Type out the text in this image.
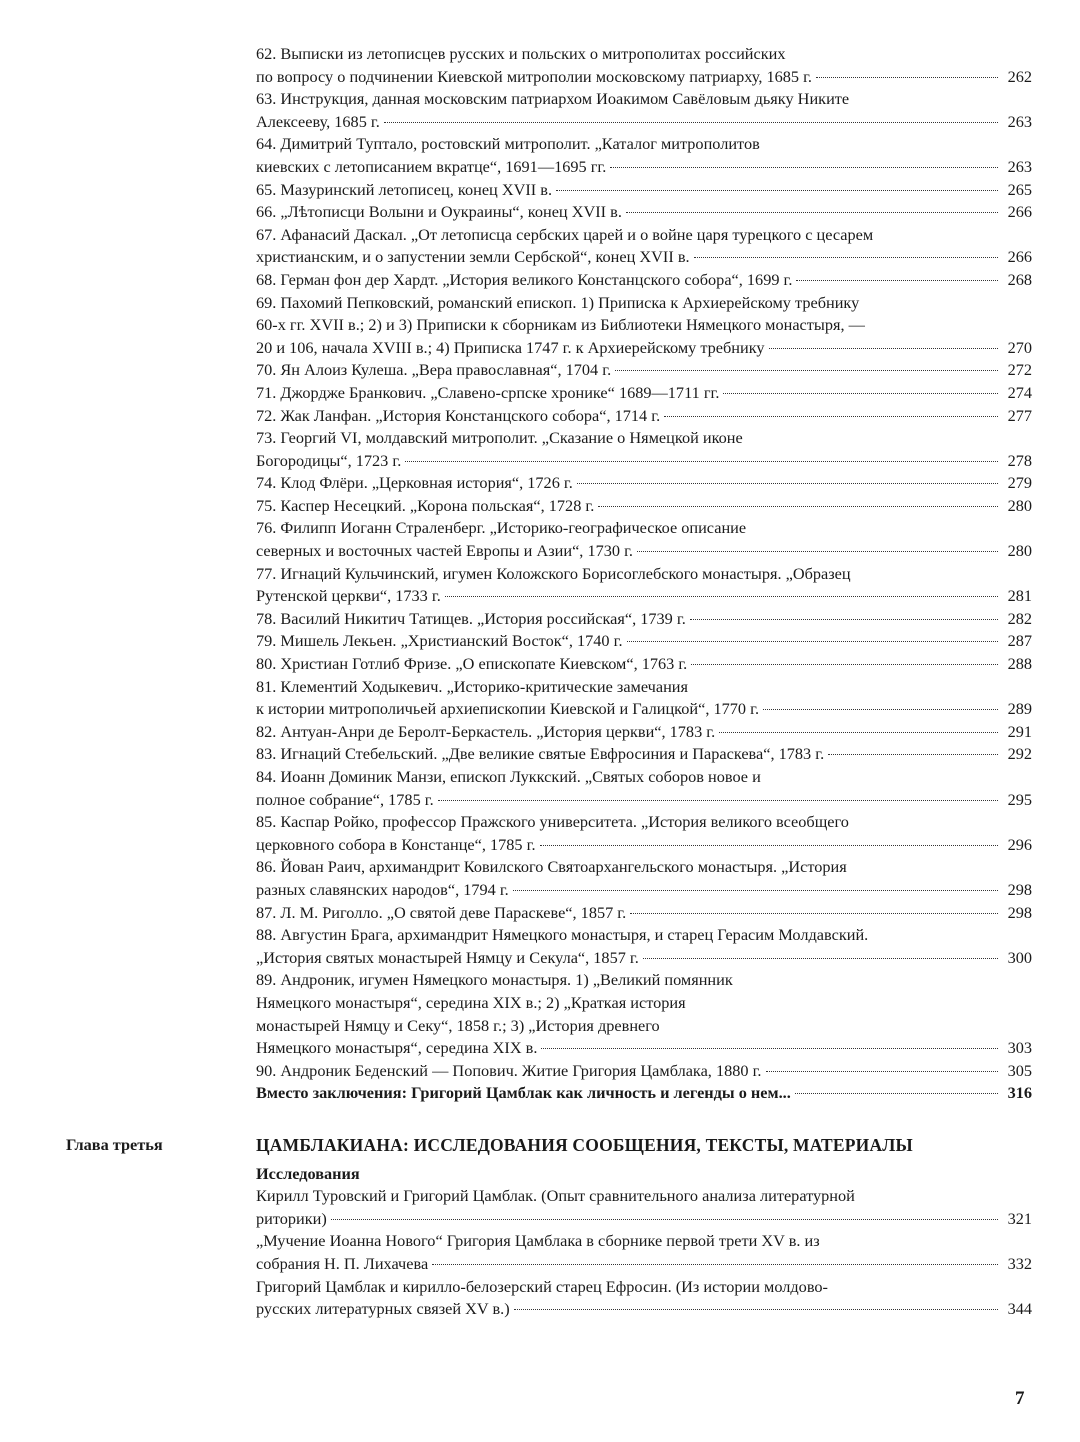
62. Выписки из летописцев русских и польских о митрополитах российских
по вопросу о подчинении Киевской митрополии московскому патриарху, 1685 г.	262
63. Инструкция, данная московским патриархом Иоакимом Савёловым дьяку Никите
Алексееву, 1685 г.	263
64. Димитрий Туптало, ростовский митрополит. „Каталог митрополитов
киевских с летописанием вкратце“, 1691—1695 гг.	263
65. Мазуринский летописец, конец XVII в.	265
66. „Лѣтописци Волыни и Оукраины“, конец XVII в.	266
67. Афанасий Даскал. „От летописца сербских царей и о войне царя турецкого с цесарем
христианским, и о запустении земли Сербской“, конец XVII в.	266
68. Герман фон дер Хардт. „История великого Констанцского собора“, 1699 г.	268
69. Пахомий Пепковский, романский епископ. 1) Приписка к Архиерейскому требнику
60-х гг. XVII в.; 2) и 3) Приписки к сборникам из Библиотеки Нямецкого монастыря, —
20 и 106, начала XVIII в.; 4) Приписка 1747 г. к Архиерейскому требнику	270
70. Ян Алоиз Кулеша. „Вера православная“, 1704 г.	272
71. Джордже Бранкович. „Славено-српске хронике“ 1689—1711 гг.	274
72. Жак Ланфан. „История Констанцского собора“, 1714 г.	277
73. Георгий VI, молдавский митрополит. „Сказание о Нямецкой иконе
Богородицы“, 1723 г.	278
74. Клод Флёри. „Церковная история“, 1726 г.	279
75. Каспер Несецкий. „Корона польская“, 1728 г.	280
76. Филипп Иоганн Страленберг. „Историко-географическое описание
северных и восточных частей Европы и Азии“, 1730 г.	280
77. Игнаций Кульчинский, игумен Коложского Борисоглебского монастыря. „Образец
Рутенской церкви“, 1733 г.	281
78. Василий Никитич Татищев. „История российская“, 1739 г.	282
79. Мишель Лекьен. „Христианский Восток“, 1740 г.	287
80. Христиан Готлиб Фризе. „О епископате Киевском“, 1763 г.	288
81. Клементий Ходыкевич. „Историко-критические замечания
к истории митрополичьей архиепископии Киевской и Галицкой“, 1770 г.	289
82. Антуан-Анри де Беролт-Беркастель. „История церкви“, 1783 г.	291
83. Игнаций Стебельский. „Две великие святые Евфросиния и Параскева“, 1783 г.	292
84. Иоанн Доминик Манзи, епископ Луккский. „Святых соборов новое и
полное собрание“, 1785 г.	295
85. Каспар Ройко, профессор Пражского университета. „История великого всеобщего
церковного собора в Констанце“, 1785 г.	296
86. Йован Раич, архимандрит Ковилского Святоархангельского монастыря. „История
разных славянских народов“, 1794 г.	298
87. Л. М. Риголло. „О святой деве Параскеве“, 1857 г.	298
88. Августин Брага, архимандрит Нямецкого монастыря, и старец Герасим Молдавский.
„История святых монастырей Нямцу и Секула“, 1857 г.	300
89. Андроник, игумен Нямецкого монастыря. 1) „Великий помянник
Нямецкого монастыря“, середина XIX в.; 2) „Краткая история
монастырей Нямцу и Секу“, 1858 г.; 3) „История древнего
Нямецкого монастыря“, середина XIX в.	303
90. Андроник Беденский — Попович. Житие Григория Цамблака, 1880 г.	305
Вместо заключения: Григорий Цамблак как личность и легенды о нем...	316
Глава третья	ЦАМБЛАКИАНА: ИССЛЕДОВАНИЯ СООБЩЕНИЯ, ТЕКСТЫ, МАТЕРИАЛЫ
Исследования
Кирилл Туровский и Григорий Цамблак. (Опыт сравнительного анализа литературной
риторики)	321
„Мучение Иоанна Нового“ Григория Цамблака в сборнике первой трети XV в. из
собрания Н. П. Лихачева	332
Григорий Цамблак и кирилло-белозерский старец Ефросин. (Из истории молдово-
русских литературных связей XV в.)	344
7
